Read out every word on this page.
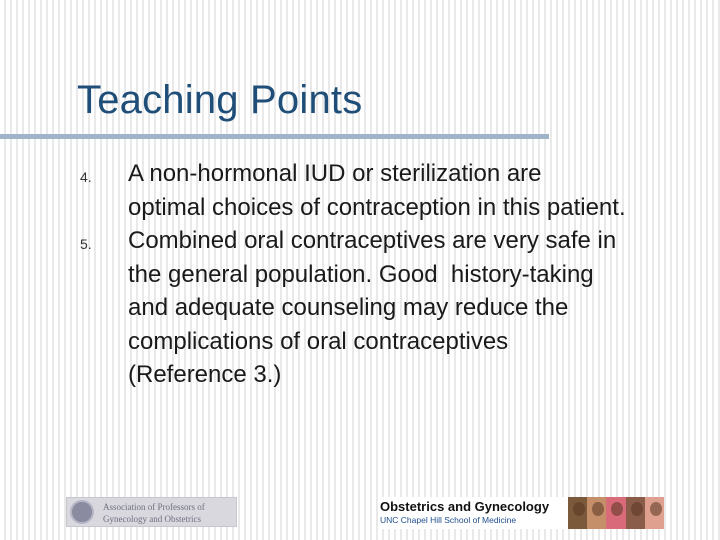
Teaching Points
4. A non-hormonal IUD or sterilization are
optimal choices of contraception in this patient.
5. Combined oral contraceptives are very safe in
the general population. Good  history-taking
and adequate counseling may reduce the
complications of oral contraceptives
(Reference 3.)
Association of Professors of
Gynecology and Obstetrics
Obstetrics and Gynecology
UNC Chapel Hill School of Medicine
